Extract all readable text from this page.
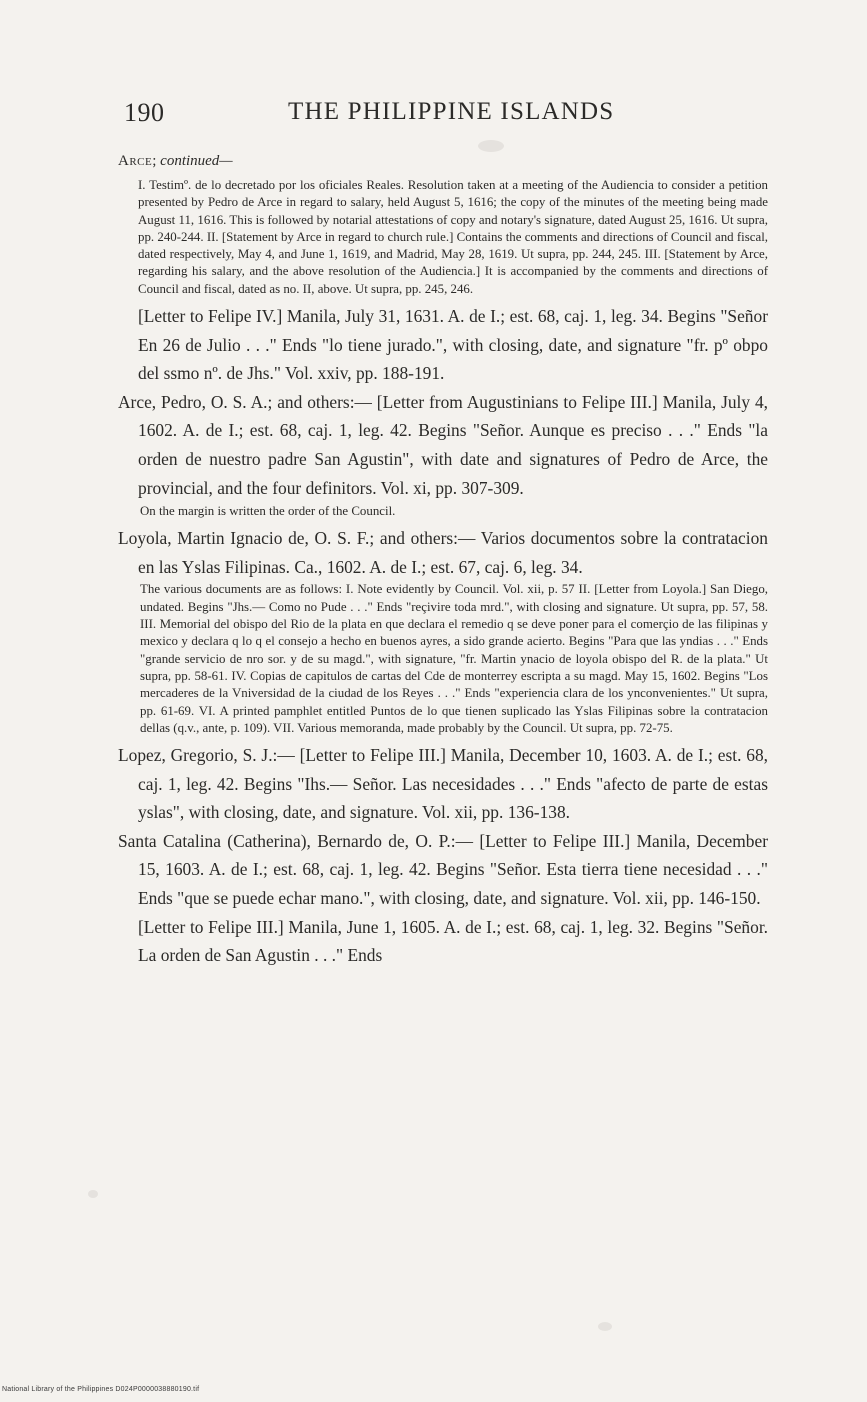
190	THE PHILIPPINE ISLANDS

Arce; continued—

I. Testimº. de lo decretado por los oficiales Reales. Resolution taken at a meeting of the Audiencia to consider a petition presented by Pedro de Arce in regard to salary, held August 5, 1616; the copy of the minutes of the meeting being made August 11, 1616. This is followed by notarial attestations of copy and notary's signature, dated August 25, 1616. Ut supra, pp. 240-244. II. [Statement by Arce in regard to church rule.] Contains the comments and directions of Council and fiscal, dated respectively, May 4, and June 1, 1619, and Madrid, May 28, 1619. Ut supra, pp. 244, 245. III. [Statement by Arce, regarding his salary, and the above resolution of the Audiencia.] It is accompanied by the comments and directions of Council and fiscal, dated as no. II, above. Ut supra, pp. 245, 246.

[Letter to Felipe IV.] Manila, July 31, 1631. A. de I.; est. 68, caj. 1, leg. 34. Begins "Señor En 26 de Julio . . ." Ends "lo tiene jurado.", with closing, date, and signature "fr. pº obpo del ssmo nº. de Jhs." Vol. xxiv, pp. 188-191.

Arce, Pedro, O. S. A.; and others:— [Letter from Augustinians to Felipe III.] Manila, July 4, 1602. A. de I.; est. 68, caj. 1, leg. 42. Begins "Señor. Aunque es preciso . . ." Ends "la orden de nuestro padre San Agustin", with date and signatures of Pedro de Arce, the provincial, and the four definitors. Vol. xi, pp. 307-309.

On the margin is written the order of the Council.

Loyola, Martin Ignacio de, O. S. F.; and others:— Varios documentos sobre la contratacion en las Yslas Filipinas. Ca., 1602. A. de I.; est. 67, caj. 6, leg. 34.

The various documents are as follows: I. Note evidently by Council. Vol. xii, p. 57 II. [Letter from Loyola.] San Diego, undated. Begins "Jhs.— Como no Pude . . ." Ends "reçivire toda mrd.", with closing and signature. Ut supra, pp. 57, 58. III. Memorial del obispo del Rio de la plata en que declara el remedio q se deve poner para el comerçio de las filipinas y mexico y declara q lo q el consejo a hecho en buenos ayres, a sido grande acierto. Begins "Para que las yndias . . ." Ends "grande servicio de nro sor. y de su magd.", with signature, "fr. Martin ynacio de loyola obispo del R. de la plata." Ut supra, pp. 58-61. IV. Copias de capitulos de cartas del Cde de monterrey escripta a su magd. May 15, 1602. Begins "Los mercaderes de la Vniversidad de la ciudad de los Reyes . . ." Ends "experiencia clara de los ynconvenientes." Ut supra, pp. 61-69. VI. A printed pamphlet entitled Puntos de lo que tienen suplicado las Yslas Filipinas sobre la contratacion dellas (q.v., ante, p. 109). VII. Various memoranda, made probably by the Council. Ut supra, pp. 72-75.

Lopez, Gregorio, S. J.:— [Letter to Felipe III.] Manila, December 10, 1603. A. de I.; est. 68, caj. 1, leg. 42. Begins "Ihs.— Señor. Las necesidades . . ." Ends "afecto de parte de estas yslas", with closing, date, and signature. Vol. xii, pp. 136-138.

Santa Catalina (Catherina), Bernardo de, O. P.:— [Letter to Felipe III.] Manila, December 15, 1603. A. de I.; est. 68, caj. 1, leg. 42. Begins "Señor. Esta tierra tiene necesidad . . ." Ends "que se puede echar mano.", with closing, date, and signature. Vol. xii, pp. 146-150.

[Letter to Felipe III.] Manila, June 1, 1605. A. de I.; est. 68, caj. 1, leg. 32. Begins "Señor. La orden de San Agustin . . ." Ends

National Library of the Philippines D024P0000038880190.tif
